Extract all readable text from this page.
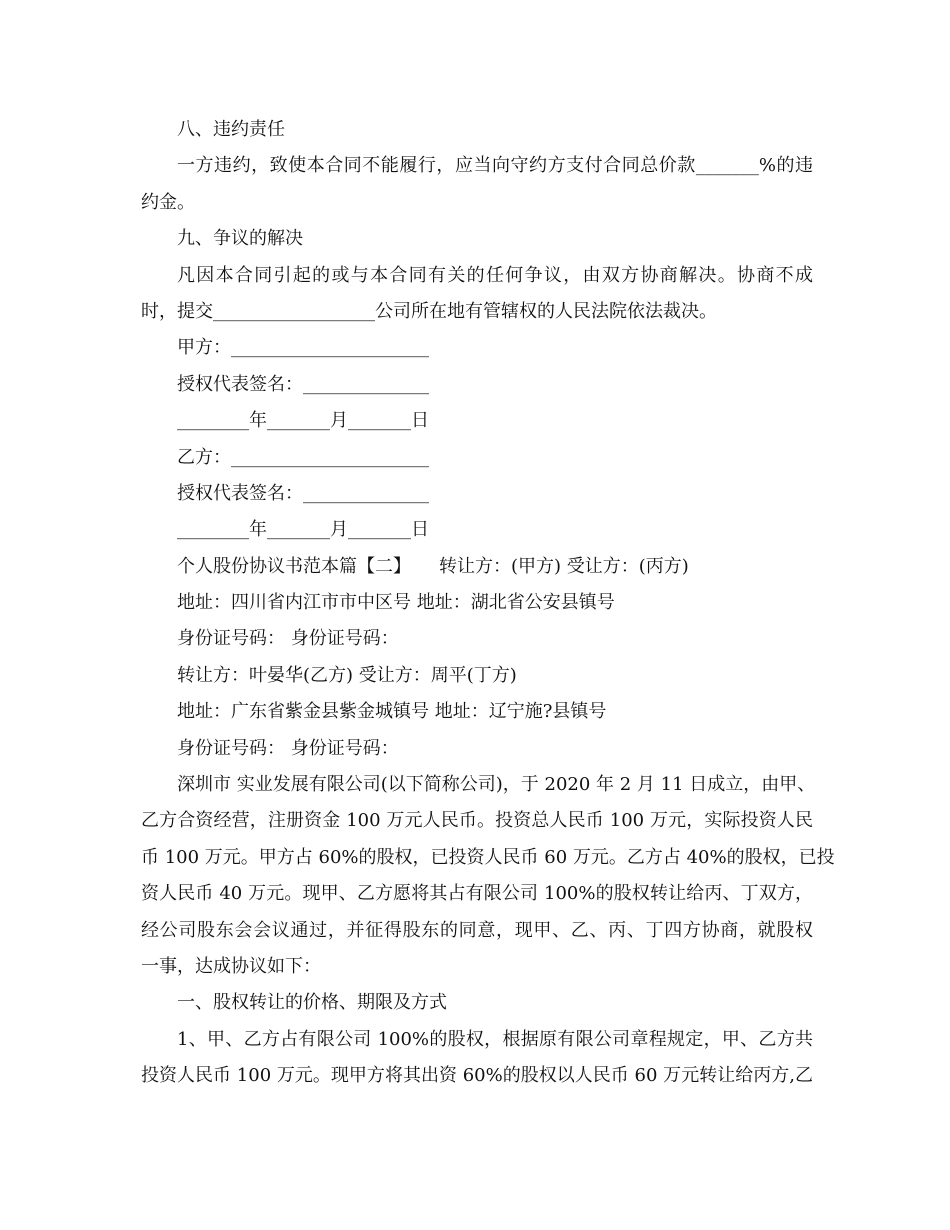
八、违约责任
一方违约，致使本合同不能履行，应当向守约方支付合同总价款_______%的违
约金。
九、争议的解决
凡因本合同引起的或与本合同有关的任何争议，由双方协商解决。协商不成
时，提交__________________公司所在地有管辖权的人民法院依法裁决。
甲方：______________________
授权代表签名：______________
________年_______月_______日
乙方：______________________
授权代表签名：______________
________年_______月_______日
个人股份协议书范本篇【二】 转让方：(甲方) 受让方：(丙方)
地址：四川省内江市市中区号 地址：湖北省公安县镇号
身份证号码： 身份证号码：
转让方：叶晏华(乙方) 受让方：周平(丁方)
地址：广东省紫金县紫金城镇号 地址：辽宁施?县镇号
身份证号码： 身份证号码：
深圳市 实业发展有限公司(以下简称公司)，于 2020 年 2 月 11 日成立，由甲、
乙方合资经营，注册资金 100 万元人民币。投资总人民币 100 万元，实际投资人民
币 100 万元。甲方占 60%的股权，已投资人民币 60 万元。乙方占 40%的股权，已投
资人民币 40 万元。现甲、乙方愿将其占有限公司 100%的股权转让给丙、丁双方，
经公司股东会会议通过，并征得股东的同意，现甲、乙、丙、丁四方协商，就股权
一事，达成协议如下：
一、股权转让的价格、期限及方式
1、甲、乙方占有限公司 100%的股权，根据原有限公司章程规定，甲、乙方共
投资人民币 100 万元。现甲方将其出资 60%的股权以人民币 60 万元转让给丙方,乙
